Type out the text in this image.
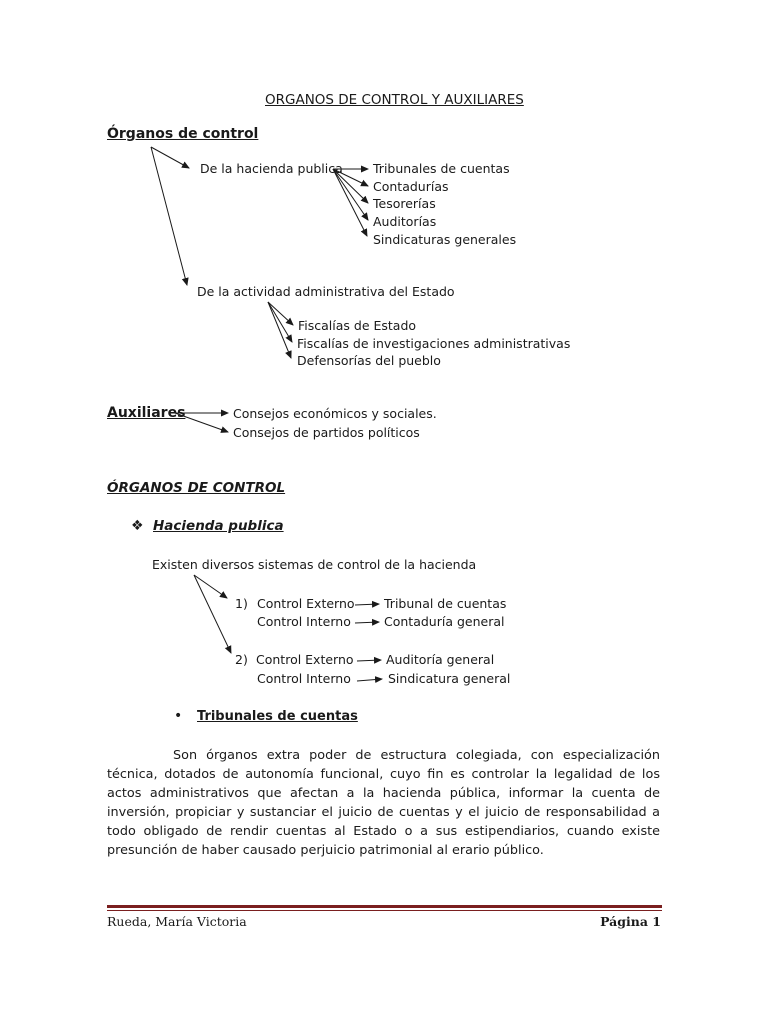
ORGANOS DE CONTROL Y AUXILIARES
Órganos de control
De la hacienda publica Tribunales de cuentas
Contadurías
Tesorerías
Auditorías
Sindicaturas generales
De la actividad administrativa del Estado
Fiscalías de Estado
Fiscalías de investigaciones administrativas
Defensorías del pueblo
Auxiliares	Consejos económicos y sociales.
Consejos de partidos políticos
ÓRGANOS DE CONTROL
❖ Hacienda publica
Existen diversos sistemas de control de la hacienda
1) Control Externo Tribunal de cuentas
Control Interno	Contaduría general
2) Control Externo	Auditoría general
Control Interno	Sindicatura general
• Tribunales de cuentas
Son órganos extra poder de estructura colegiada, con especialización técnica, dotados de autonomía funcional, cuyo fin es controlar la legalidad de los actos administrativos que afectan a la hacienda pública, informar la cuenta de inversión, propiciar y sustanciar el juicio de cuentas y el juicio de responsabilidad a todo obligado de rendir cuentas al Estado o a sus estipendiarios, cuando existe presunción de haber causado perjuicio patrimonial al erario público.
Rueda, María Victoria	Página 1
